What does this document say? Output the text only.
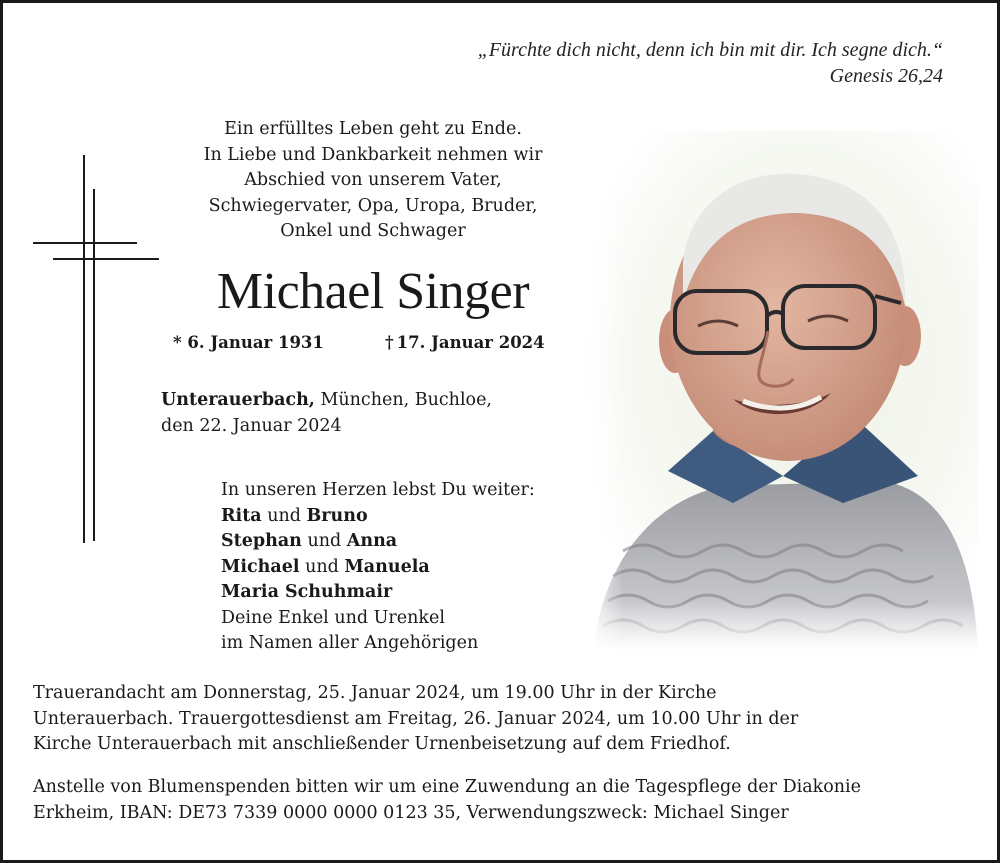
„Fürchte dich nicht, denn ich bin mit dir. Ich segne dich.“
Genesis 26,24
Ein erfülltes Leben geht zu Ende.
In Liebe und Dankbarkeit nehmen wir
Abschied von unserem Vater,
Schwiegervater, Opa, Uropa, Bruder,
Onkel und Schwager
Michael Singer
* 6. Januar 1931	† 17. Januar 2024
Unterauerbach, München, Buchloe,
den 22. Januar 2024
In unseren Herzen lebst Du weiter:
Rita und Bruno
Stephan und Anna
Michael und Manuela
Maria Schuhmair
Deine Enkel und Urenkel
im Namen aller Angehörigen
Trauerandacht am Donnerstag, 25. Januar 2024, um 19.00 Uhr in der Kirche
Unterauerbach. Trauergottesdienst am Freitag, 26. Januar 2024, um 10.00 Uhr in der
Kirche Unterauerbach mit anschließender Urnenbeisetzung auf dem Friedhof.
Anstelle von Blumenspenden bitten wir um eine Zuwendung an die Tagespflege der Diakonie
Erkheim, IBAN: DE73 7339 0000 0000 0123 35, Verwendungszweck: Michael Singer
